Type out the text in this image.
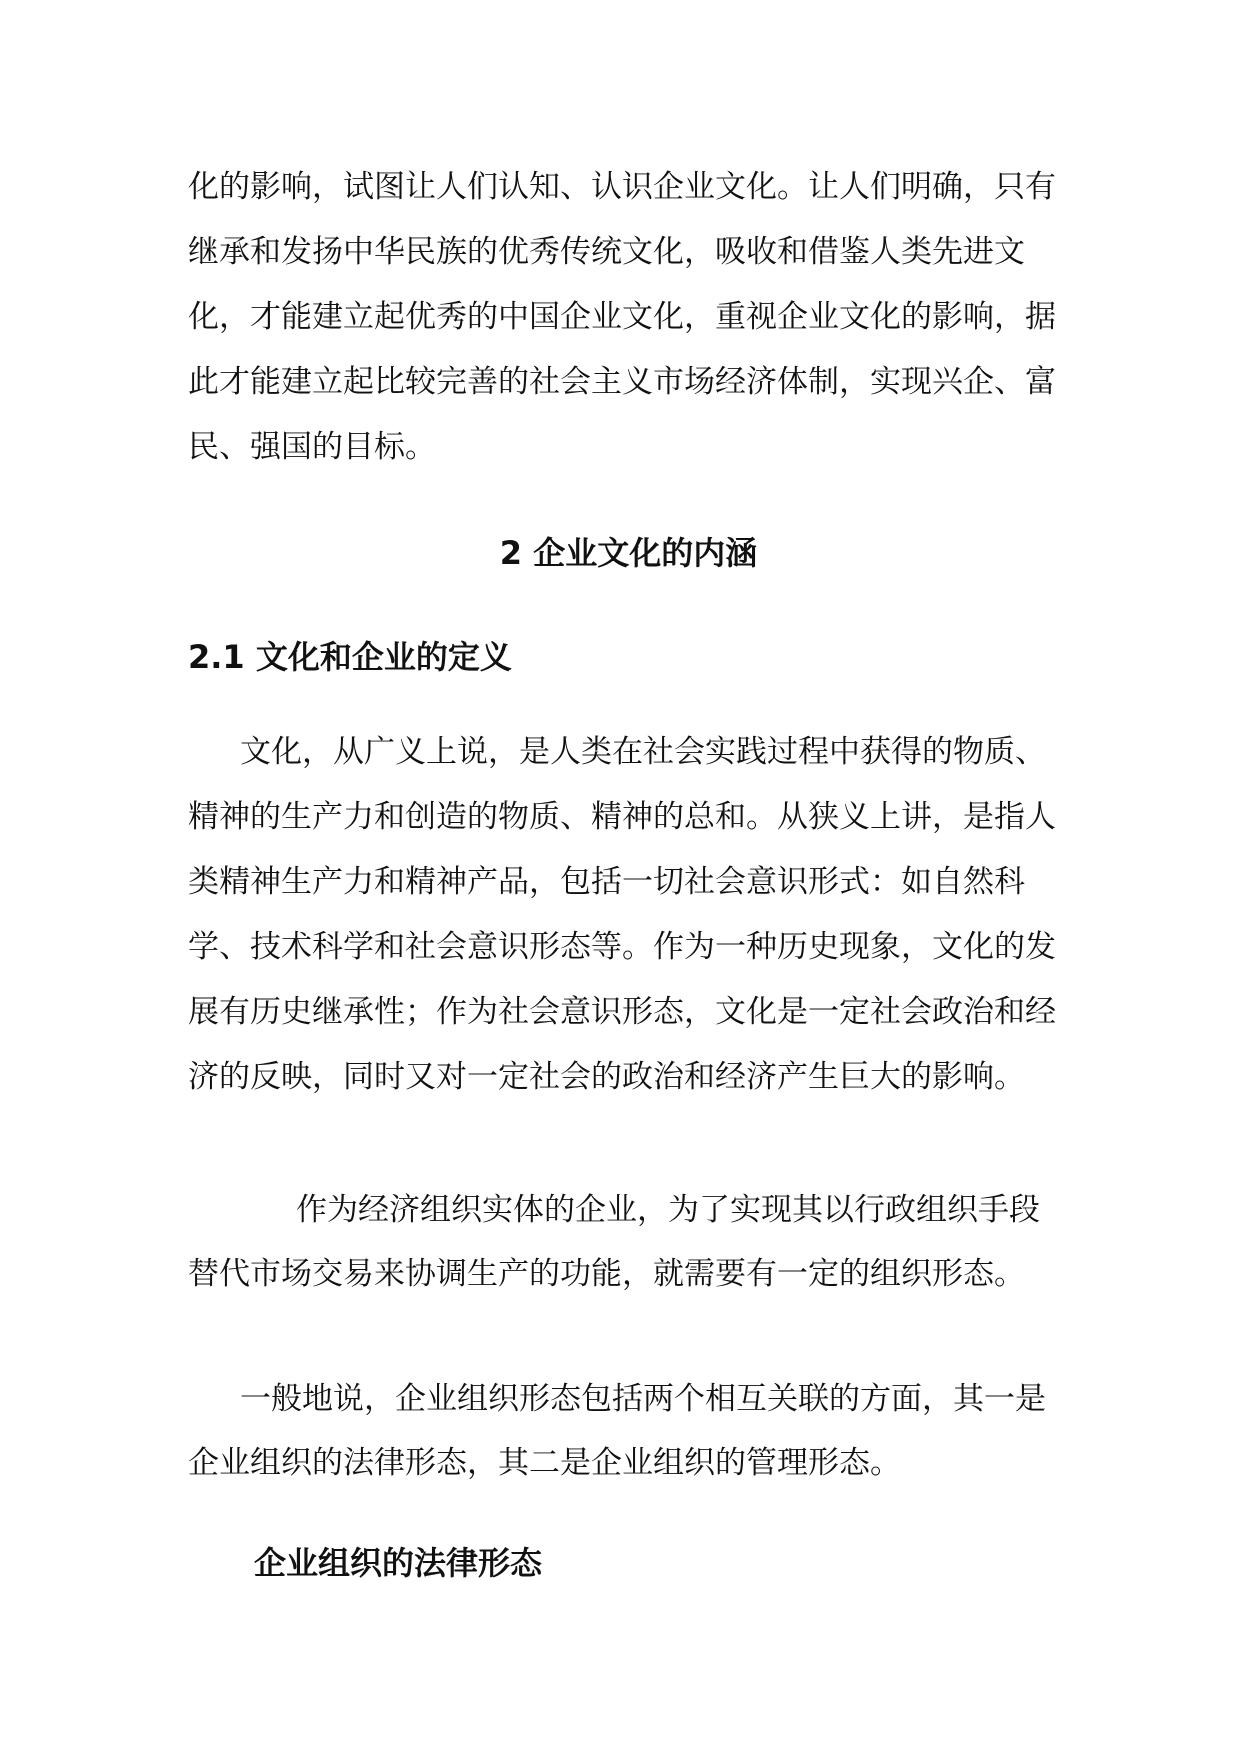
化的影响，试图让人们认知、认识企业文化。让人们明确，只有继承和发扬中华民族的优秀传统文化，吸收和借鉴人类先进文化，才能建立起优秀的中国企业文化，重视企业文化的影响，据此才能建立起比较完善的社会主义市场经济体制，实现兴企、富民、强国的目标。

2 企业文化的内涵
2.1 文化和企业的定义

文化，从广义上说，是人类在社会实践过程中获得的物质、精神的生产力和创造的物质、精神的总和。从狭义上讲，是指人类精神生产力和精神产品，包括一切社会意识形式：如自然科学、技术科学和社会意识形态等。作为一种历史现象，文化的发展有历史继承性；作为社会意识形态，文化是一定社会政治和经济的反映，同时又对一定社会的政治和经济产生巨大的影响。

作为经济组织实体的企业，为了实现其以行政组织手段替代市场交易来协调生产的功能，就需要有一定的组织形态。

一般地说，企业组织形态包括两个相互关联的方面，其一是企业组织的法律形态，其二是企业组织的管理形态。

企业组织的法律形态
